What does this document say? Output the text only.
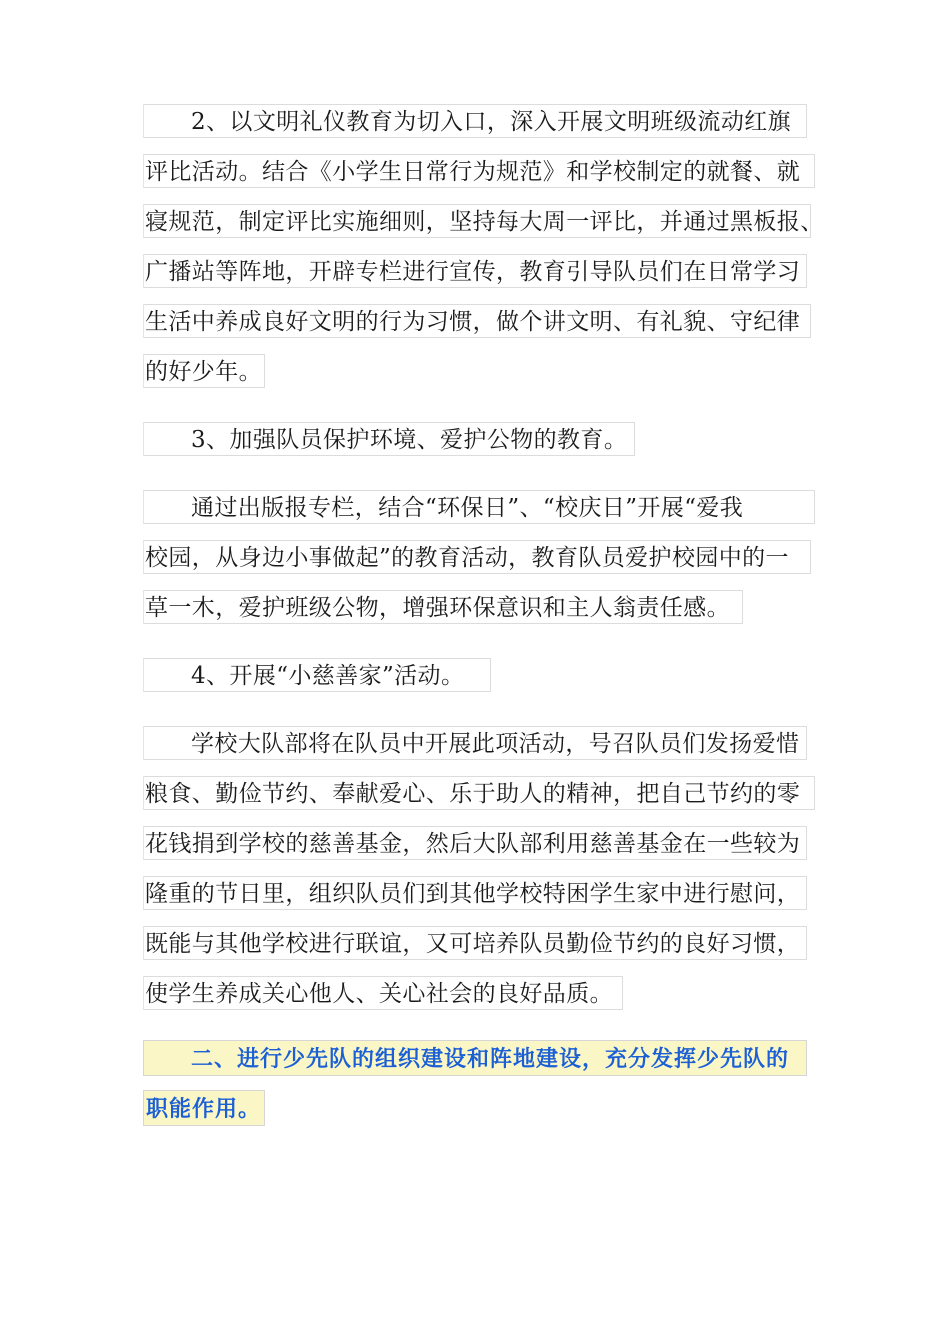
2、以文明礼仪教育为切入口，深入开展文明班级流动红旗
评比活动。结合《小学生日常行为规范》和学校制定的就餐、就
寝规范，制定评比实施细则，坚持每大周一评比，并通过黑板报、
广播站等阵地，开辟专栏进行宣传，教育引导队员们在日常学习
生活中养成良好文明的行为习惯，做个讲文明、有礼貌、守纪律
的好少年。
3、加强队员保护环境、爱护公物的教育。
通过出版报专栏，结合“环保日”、“校庆日”开展“爱我
校园，从身边小事做起”的教育活动，教育队员爱护校园中的一
草一木，爱护班级公物，增强环保意识和主人翁责任感。
4、开展“小慈善家”活动。
学校大队部将在队员中开展此项活动，号召队员们发扬爱惜
粮食、勤俭节约、奉献爱心、乐于助人的精神，把自己节约的零
花钱捐到学校的慈善基金，然后大队部利用慈善基金在一些较为
隆重的节日里，组织队员们到其他学校特困学生家中进行慰问，
既能与其他学校进行联谊，又可培养队员勤俭节约的良好习惯，
使学生养成关心他人、关心社会的良好品质。
二、进行少先队的组织建设和阵地建设，充分发挥少先队的
职能作用。
